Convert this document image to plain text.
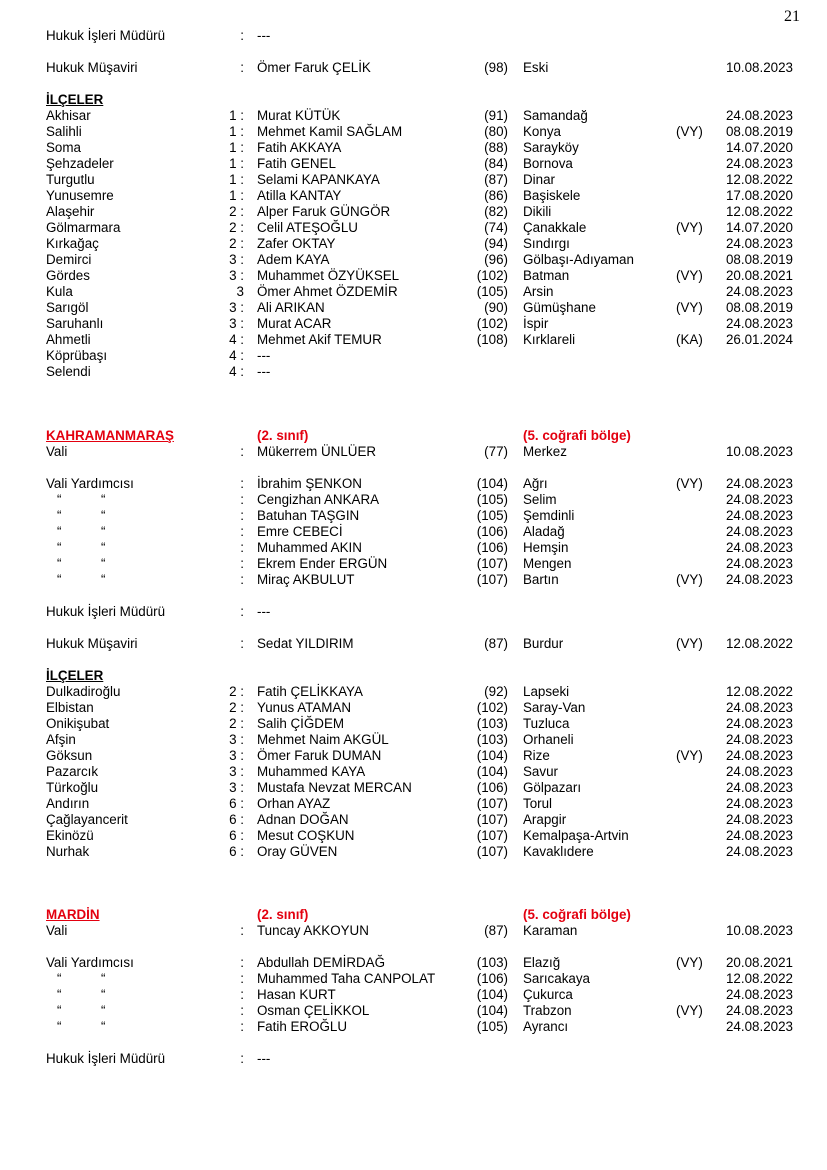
21
Hukuk İşleri Müdürü	: ---
Hukuk Müşaviri	: Ömer Faruk ÇELİK	(98) Eski	10.08.2023
İLÇELER
Akhisar	1 : Murat KÜTÜK	(91) Samandağ	24.08.2023
Salihli	1 : Mehmet Kamil SAĞLAM	(80) Konya	(VY)	08.08.2019
Soma	1 : Fatih AKKAYA	(88) Sarayköy	14.07.2020
Şehzadeler	1 : Fatih GENEL	(84) Bornova	24.08.2023
Turgutlu	1 : Selami KAPANKAYA	(87) Dinar	12.08.2022
Yunusemre	1 : Atilla KANTAY	(86) Başiskele	17.08.2020
Alaşehir	2 : Alper Faruk GÜNGÖR	(82) Dikili	12.08.2022
Gölmarmara	2 : Celil ATEŞOĞLU	(74) Çanakkale	(VY)	14.07.2020
Kırkağaç	2 : Zafer OKTAY	(94) Sındırgı	24.08.2023
Demirci	3 : Adem KAYA	(96) Gölbaşı-Adıyaman	08.08.2019
Gördes	3 : Muhammet ÖZYÜKSEL	(102) Batman	(VY)	20.08.2021
Kula	3 Ömer Ahmet ÖZDEMİR	(105) Arsin	24.08.2023
Sarıgöl	3 : Ali ARIKAN	(90) Gümüşhane	(VY)	08.08.2019
Saruhanlı	3 : Murat ACAR	(102) İspir	24.08.2023
Ahmetli	4 : Mehmet Akif TEMUR	(108) Kırklareli	(KA)	26.01.2024
Köprübaşı	4 : ---
Selendi	4 : ---
KAHRAMANMARAŞ	(2. sınıf)	(5. coğrafi bölge)
Vali	: Mükerrem ÜNLÜER	(77) Merkez	10.08.2023
Vali Yardımcısı	: İbrahim ŞENKON	(104) Ağrı	(VY)	24.08.2023
“	“	: Cengizhan ANKARA	(105) Selim	24.08.2023
“	“	: Batuhan TAŞGIN	(105) Şemdinli	24.08.2023
“	“	: Emre CEBECİ	(106) Aladağ	24.08.2023
“	“	: Muhammed AKIN	(106) Hemşin	24.08.2023
“	“	: Ekrem Ender ERGÜN	(107) Mengen	24.08.2023
“	“	: Miraç AKBULUT	(107) Bartın	(VY)	24.08.2023
Hukuk İşleri Müdürü	: ---
Hukuk Müşaviri	: Sedat YILDIRIM	(87) Burdur	(VY)	12.08.2022
İLÇELER
Dulkadiroğlu	2 : Fatih ÇELİKKAYA	(92) Lapseki	12.08.2022
Elbistan	2 : Yunus ATAMAN	(102) Saray-Van	24.08.2023
Onikişubat	2 : Salih ÇİĞDEM	(103) Tuzluca	24.08.2023
Afşin	3 : Mehmet Naim AKGÜL	(103) Orhaneli	24.08.2023
Göksun	3 : Ömer Faruk DUMAN	(104) Rize	(VY)	24.08.2023
Pazarcık	3 : Muhammed KAYA	(104) Savur	24.08.2023
Türkoğlu	3 : Mustafa Nevzat MERCAN	(106) Gölpazarı	24.08.2023
Andırın	6 : Orhan AYAZ	(107) Torul	24.08.2023
Çağlayancerit	6 : Adnan DOĞAN	(107) Arapgir	24.08.2023
Ekinözü	6 : Mesut COŞKUN	(107) Kemalpaşa-Artvin	24.08.2023
Nurhak	6 : Oray GÜVEN	(107) Kavaklıdere	24.08.2023
MARDİN	(2. sınıf)	(5. coğrafi bölge)
Vali	: Tuncay AKKOYUN	(87) Karaman	10.08.2023
Vali Yardımcısı	: Abdullah DEMİRDAĞ	(103) Elazığ	(VY)	20.08.2021
“	“	: Muhammed Taha CANPOLAT	(106) Sarıcakaya	12.08.2022
“	“	: Hasan KURT	(104) Çukurca	24.08.2023
“	“	: Osman ÇELİKKOL	(104) Trabzon	(VY)	24.08.2023
“	“	: Fatih EROĞLU	(105) Ayrancı	24.08.2023
Hukuk İşleri Müdürü	: ---
